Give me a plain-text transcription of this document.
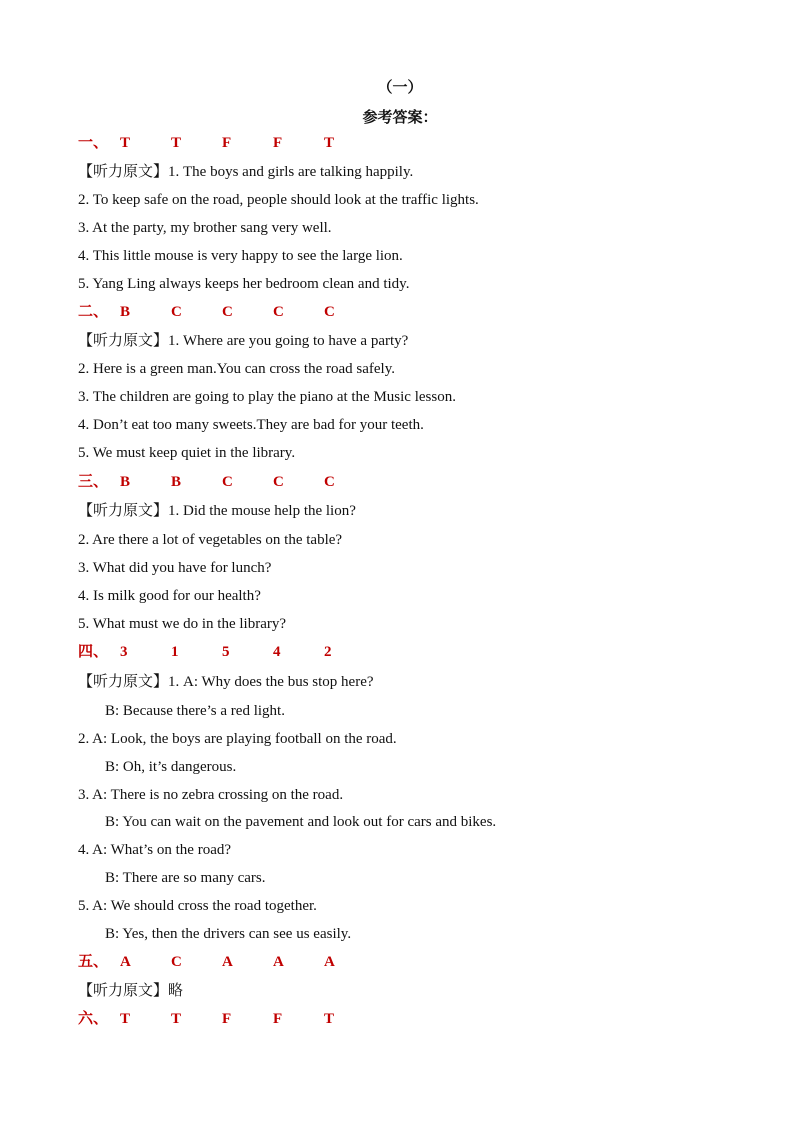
（一）
参考答案：
一、 T	T	F	F	T
【听力原文】1. The boys and girls are talking happily.
2. To keep safe on the road, people should look at the traffic lights.
3. At the party, my brother sang very well.
4. This little mouse is very happy to see the large lion.
5. Yang Ling always keeps her bedroom clean and tidy.
二、 B	C	C	C	C
【听力原文】1. Where are you going to have a party?
2. Here is a green man.You can cross the road safely.
3. The children are going to play the piano at the Music lesson.
4. Don’t eat too many sweets.They are bad for your teeth.
5. We must keep quiet in the library.
三、 B	B	C	C	C
【听力原文】1. Did the mouse help the lion?
2. Are there a lot of vegetables on the table?
3. What did you have for lunch?
4. Is milk good for our health?
5. What must we do in the library?
四、 3	1	5	4	2
【听力原文】1. A: Why does the bus stop here?
B: Because there’s a red light.
2. A: Look, the boys are playing football on the road.
B: Oh, it’s dangerous.
3. A: There is no zebra crossing on the road.
B: You can wait on the pavement and look out for cars and bikes.
4. A: What’s on the road?
B: There are so many cars.
5. A: We should cross the road together.
B: Yes, then the drivers can see us easily.
五、 A	C	A	A	A
【听力原文】略
六、 T	T	F	F	T
